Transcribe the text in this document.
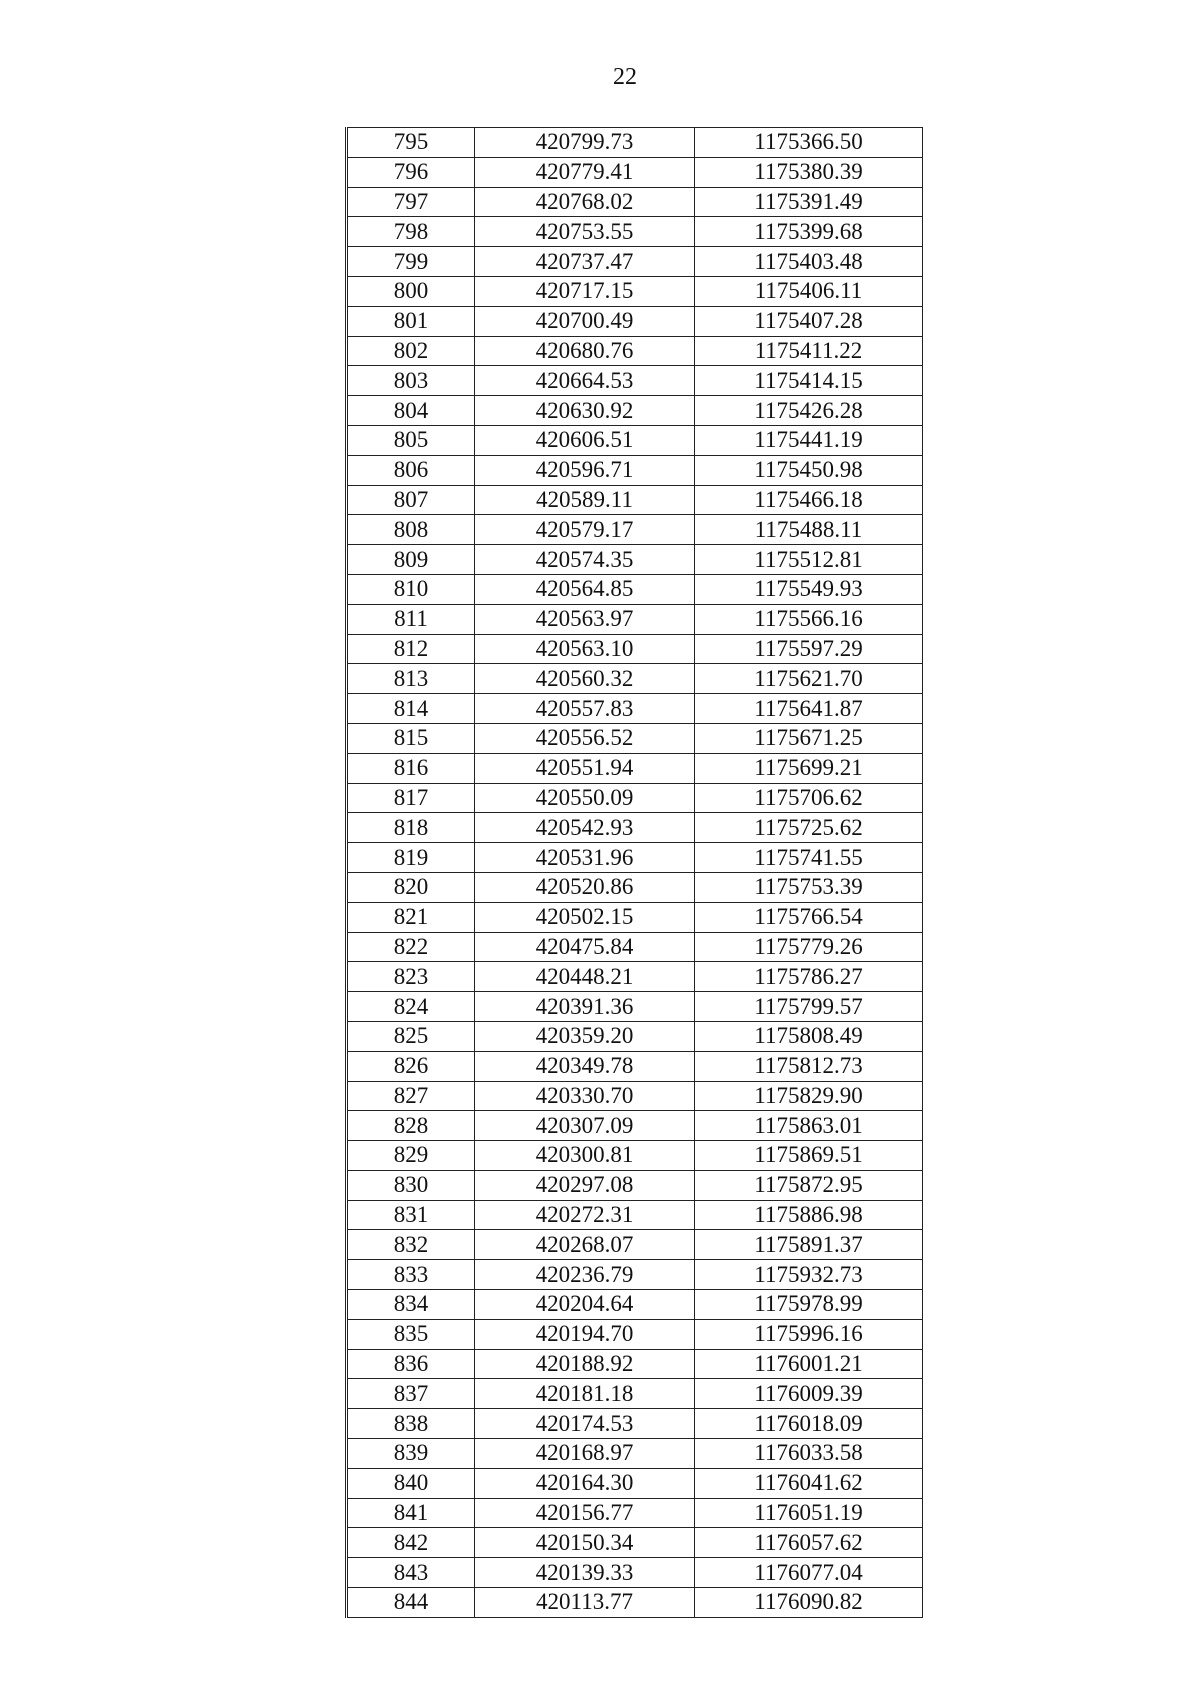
22
795	420799.73	1175366.50
796	420779.41	1175380.39
797	420768.02	1175391.49
798	420753.55	1175399.68
799	420737.47	1175403.48
800	420717.15	1175406.11
801	420700.49	1175407.28
802	420680.76	1175411.22
803	420664.53	1175414.15
804	420630.92	1175426.28
805	420606.51	1175441.19
806	420596.71	1175450.98
807	420589.11	1175466.18
808	420579.17	1175488.11
809	420574.35	1175512.81
810	420564.85	1175549.93
811	420563.97	1175566.16
812	420563.10	1175597.29
813	420560.32	1175621.70
814	420557.83	1175641.87
815	420556.52	1175671.25
816	420551.94	1175699.21
817	420550.09	1175706.62
818	420542.93	1175725.62
819	420531.96	1175741.55
820	420520.86	1175753.39
821	420502.15	1175766.54
822	420475.84	1175779.26
823	420448.21	1175786.27
824	420391.36	1175799.57
825	420359.20	1175808.49
826	420349.78	1175812.73
827	420330.70	1175829.90
828	420307.09	1175863.01
829	420300.81	1175869.51
830	420297.08	1175872.95
831	420272.31	1175886.98
832	420268.07	1175891.37
833	420236.79	1175932.73
834	420204.64	1175978.99
835	420194.70	1175996.16
836	420188.92	1176001.21
837	420181.18	1176009.39
838	420174.53	1176018.09
839	420168.97	1176033.58
840	420164.30	1176041.62
841	420156.77	1176051.19
842	420150.34	1176057.62
843	420139.33	1176077.04
844	420113.77	1176090.82
